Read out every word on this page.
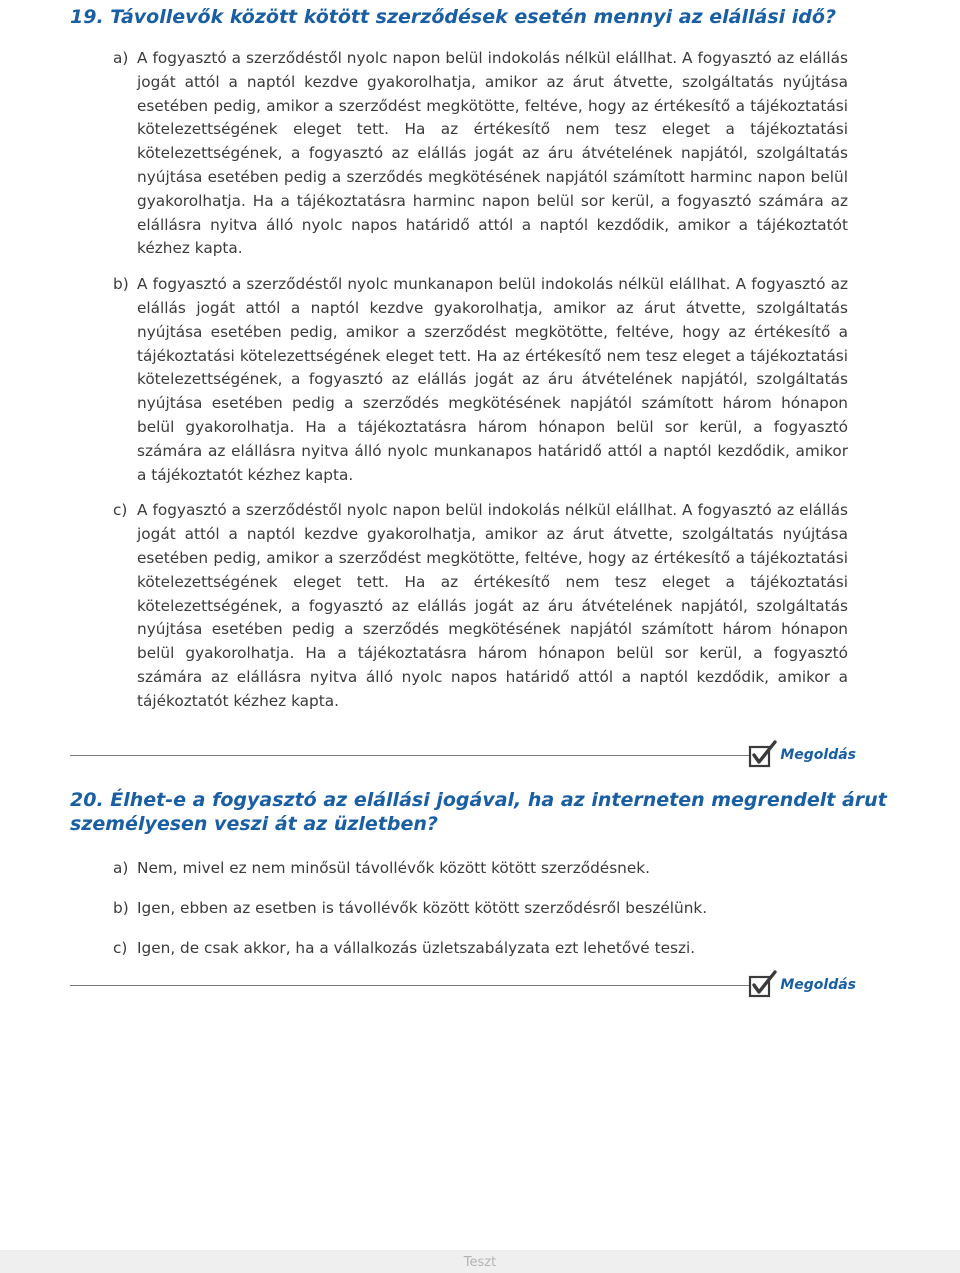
19. Távollevők között kötött szerződések esetén mennyi az elállási idő?
a) A fogyasztó a szerződéstől nyolc napon belül indokolás nélkül elállhat. A fogyasztó az elállás jogát attól a naptól kezdve gyakorolhatja, amikor az árut átvette, szolgáltatás nyújtása esetében pedig, amikor a szerződést megkötötte, feltéve, hogy az értékesítő a tájékoztatási kötelezettségének eleget tett. Ha az értékesítő nem tesz eleget a tájékoztatási kötelezettségének, a fogyasztó az elállás jogát az áru átvételének napjától, szolgáltatás nyújtása esetében pedig a szerződés megkötésének napjától számított harminc napon belül gyakorolhatja. Ha a tájékoztatásra harminc napon belül sor kerül, a fogyasztó számára az elállásra nyitva álló nyolc napos határidő attól a naptól kezdődik, amikor a tájékoztatót kézhez kapta.
b) A fogyasztó a szerződéstől nyolc munkanapon belül indokolás nélkül elállhat. A fogyasztó az elállás jogát attól a naptól kezdve gyakorolhatja, amikor az árut átvette, szolgáltatás nyújtása esetében pedig, amikor a szerződést megkötötte, feltéve, hogy az értékesítő a tájékoztatási kötelezettségének eleget tett. Ha az értékesítő nem tesz eleget a tájékoztatási kötelezettségének, a fogyasztó az elállás jogát az áru átvételének napjától, szolgáltatás nyújtása esetében pedig a szerződés megkötésének napjától számított három hónapon belül gyakorolhatja. Ha a tájékoztatásra három hónapon belül sor kerül, a fogyasztó számára az elállásra nyitva álló nyolc munkanapos határidő attól a naptól kezdődik, amikor a tájékoztatót kézhez kapta.
c) A fogyasztó a szerződéstől nyolc napon belül indokolás nélkül elállhat. A fogyasztó az elállás jogát attól a naptól kezdve gyakorolhatja, amikor az árut átvette, szolgáltatás nyújtása esetében pedig, amikor a szerződést megkötötte, feltéve, hogy az értékesítő a tájékoztatási kötelezettségének eleget tett. Ha az értékesítő nem tesz eleget a tájékoztatási kötelezettségének, a fogyasztó az elállás jogát az áru átvételének napjától, szolgáltatás nyújtása esetében pedig a szerződés megkötésének napjától számított három hónapon belül gyakorolhatja. Ha a tájékoztatásra három hónapon belül sor kerül, a fogyasztó számára az elállásra nyitva álló nyolc napos határidő attól a naptól kezdődik, amikor a tájékoztatót kézhez kapta.
Megoldás
20. Élhet-e a fogyasztó az elállási jogával, ha az interneten megrendelt árut személyesen veszi át az üzletben?
a) Nem, mivel ez nem minősül távollévők között kötött szerződésnek.
b) Igen, ebben az esetben is távollévők között kötött szerződésről beszélünk.
c) Igen, de csak akkor, ha a vállalkozás üzletszabályzata ezt lehetővé teszi.
Megoldás
Teszt
